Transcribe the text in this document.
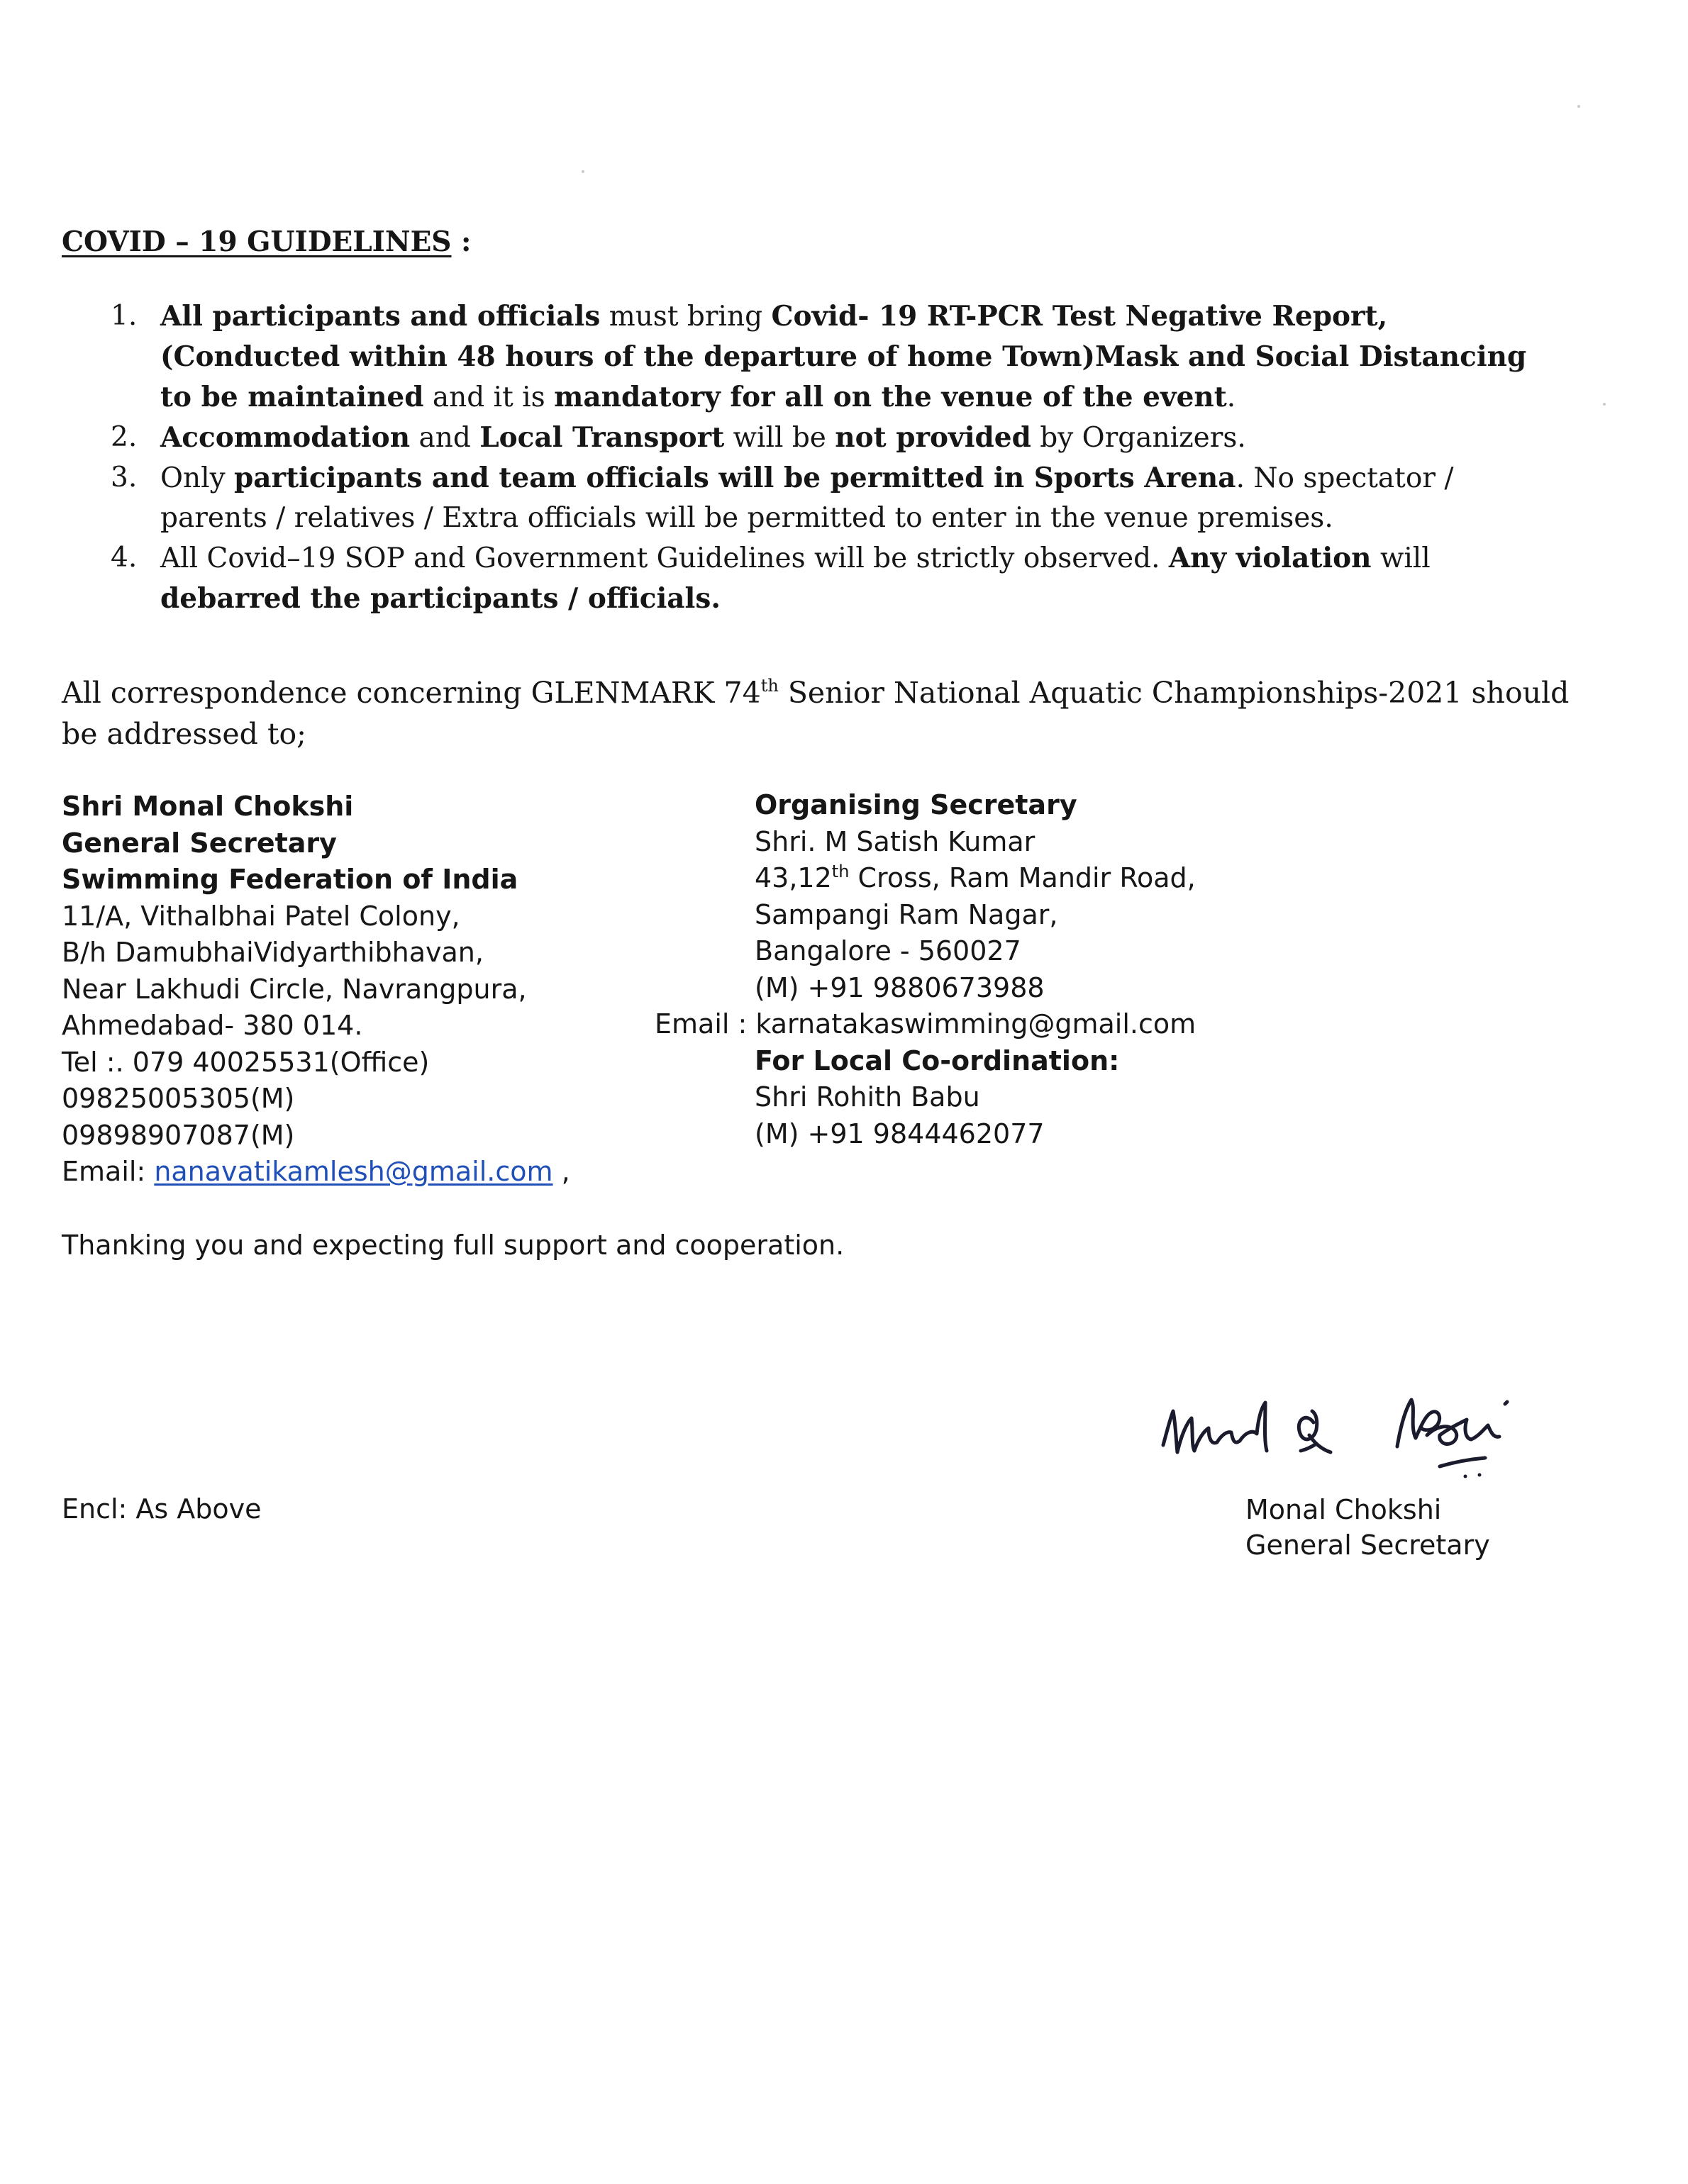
COVID – 19 GUIDELINES :
1. All participants and officials must bring Covid- 19 RT-PCR Test Negative Report,(Conducted within 48 hours of the departure of home Town)Mask and Social Distancing to be maintained and it is mandatory for all on the venue of the event.
2. Accommodation and Local Transport will be not provided by Organizers.
3. Only participants and team officials will be permitted in Sports Arena. No spectator / parents / relatives / Extra officials will be permitted to enter in the venue premises.
4. All Covid–19 SOP and Government Guidelines will be strictly observed. Any violation will debarred the participants / officials.

All correspondence concerning GLENMARK 74th Senior National Aquatic Championships-2021 should be addressed to;

Shri Monal Chokshi
General Secretary
Swimming Federation of India
11/A, Vithalbhai Patel Colony,
B/h DamubhaiVidyarthibhavan,
Near Lakhudi Circle, Navrangpura,
Ahmedabad- 380 014.
Tel :. 079 40025531(Office)
09825005305(M)
09898907087(M)
Email: nanavatikamlesh@gmail.com ,
Organising Secretary
Shri. M Satish Kumar
43,12th Cross, Ram Mandir Road,
Sampangi Ram Nagar,
Bangalore - 560027
(M) +91 9880673988
Email : karnatakaswimming@gmail.com
For Local Co-ordination:
Shri Rohith Babu
(M) +91 9844462077

Thanking you and expecting full support and cooperation.

Encl: As Above	Monal Chokshi
General Secretary
